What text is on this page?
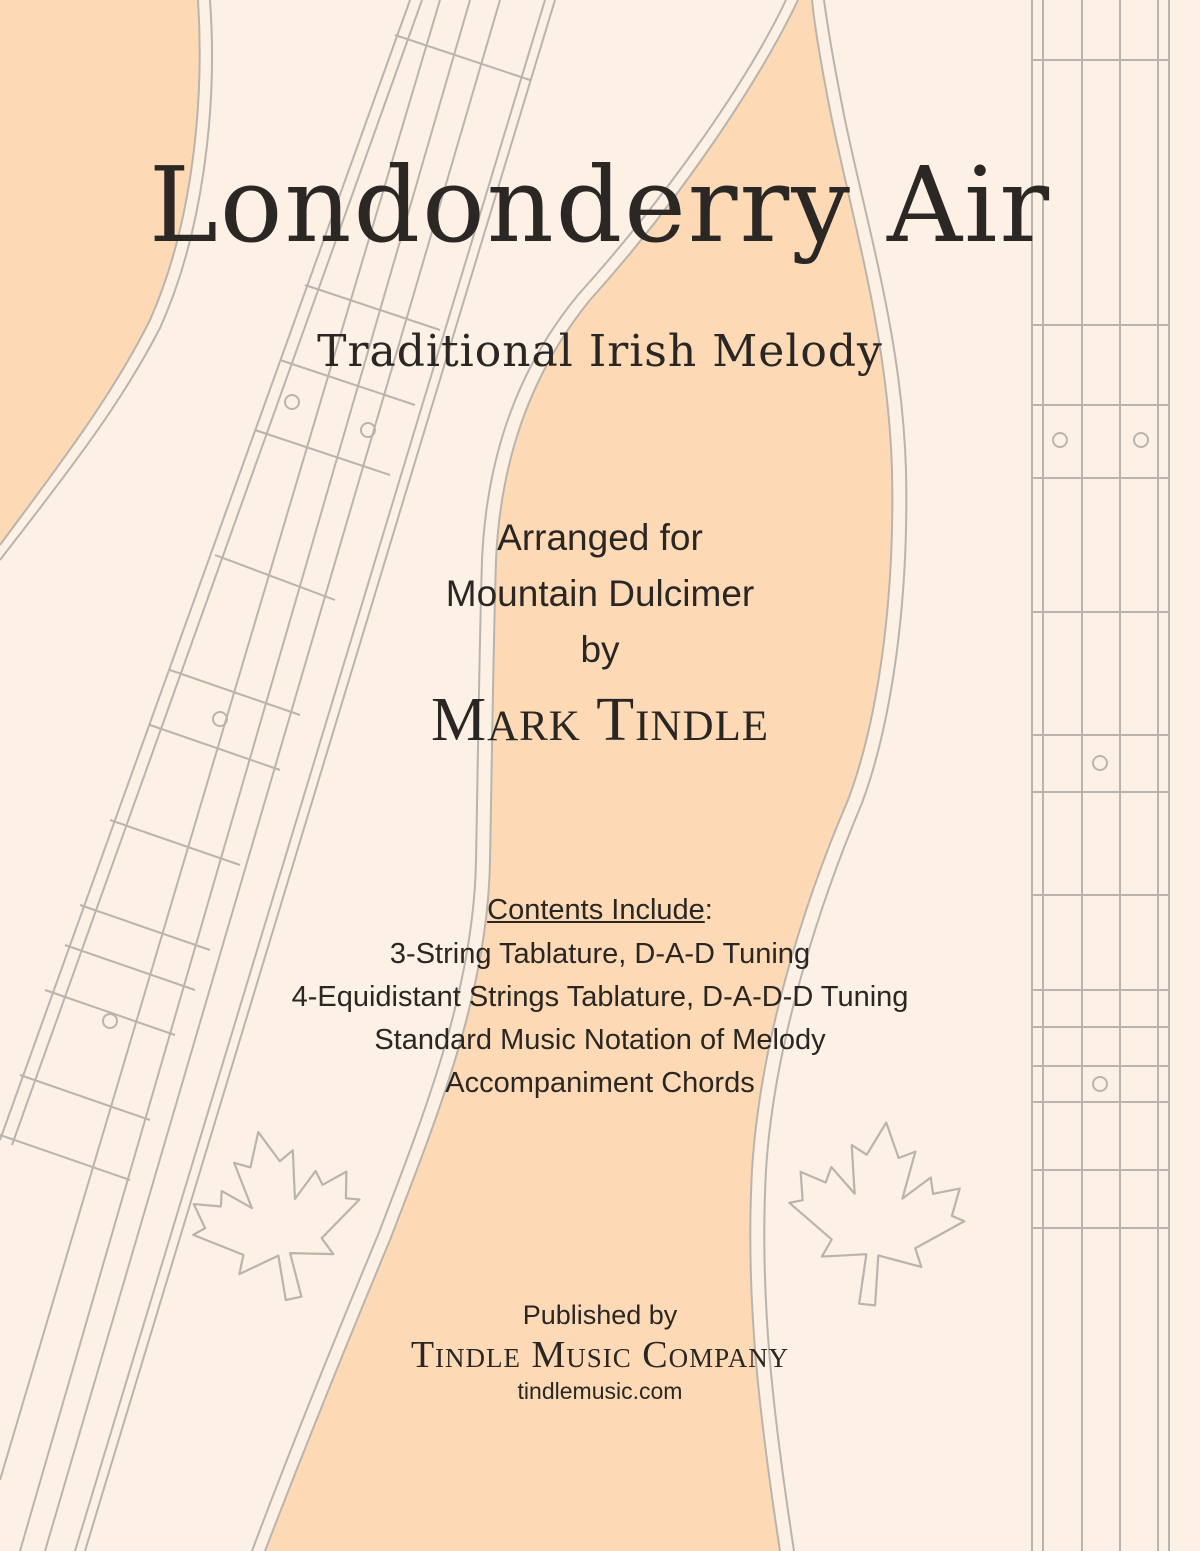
Londonderry Air
Traditional Irish Melody
Arranged for
Mountain Dulcimer
by
Mark Tindle
Contents Include:
3-String Tablature, D-A-D Tuning
4-Equidistant Strings Tablature, D-A-D-D Tuning
Standard Music Notation of Melody
Accompaniment Chords
Published by
Tindle Music Company
tindlemusic.com
